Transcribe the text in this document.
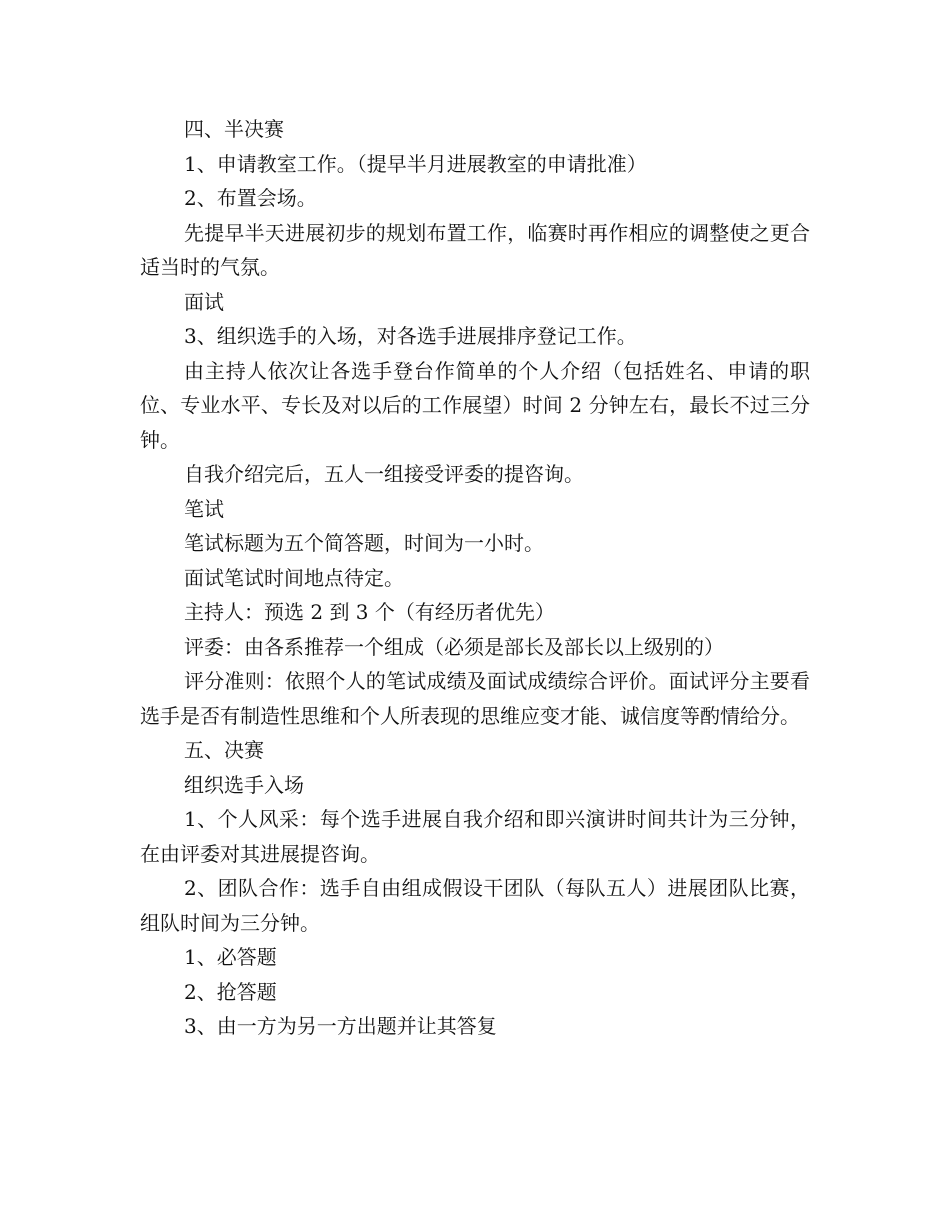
四、半决赛

1、申请教室工作。（提早半月进展教室的申请批准）

2、布置会场。

先提早半天进展初步的规划布置工作，临赛时再作相应的调整使之更合适当时的气氛。

面试

3、组织选手的入场，对各选手进展排序登记工作。

由主持人依次让各选手登台作简单的个人介绍（包括姓名、申请的职位、专业水平、专长及对以后的工作展望）时间 2 分钟左右，最长不过三分钟。

自我介绍完后，五人一组接受评委的提咨询。

笔试

笔试标题为五个简答题，时间为一小时。

面试笔试时间地点待定。

主持人：预选 2 到 3 个（有经历者优先）

评委：由各系推荐一个组成（必须是部长及部长以上级别的）

评分准则：依照个人的笔试成绩及面试成绩综合评价。面试评分主要看选手是否有制造性思维和个人所表现的思维应变才能、诚信度等酌情给分。

五、决赛

组织选手入场

1、个人风采：每个选手进展自我介绍和即兴演讲时间共计为三分钟，在由评委对其进展提咨询。

2、团队合作：选手自由组成假设干团队（每队五人）进展团队比赛，组队时间为三分钟。

1、必答题

2、抢答题

3、由一方为另一方出题并让其答复
